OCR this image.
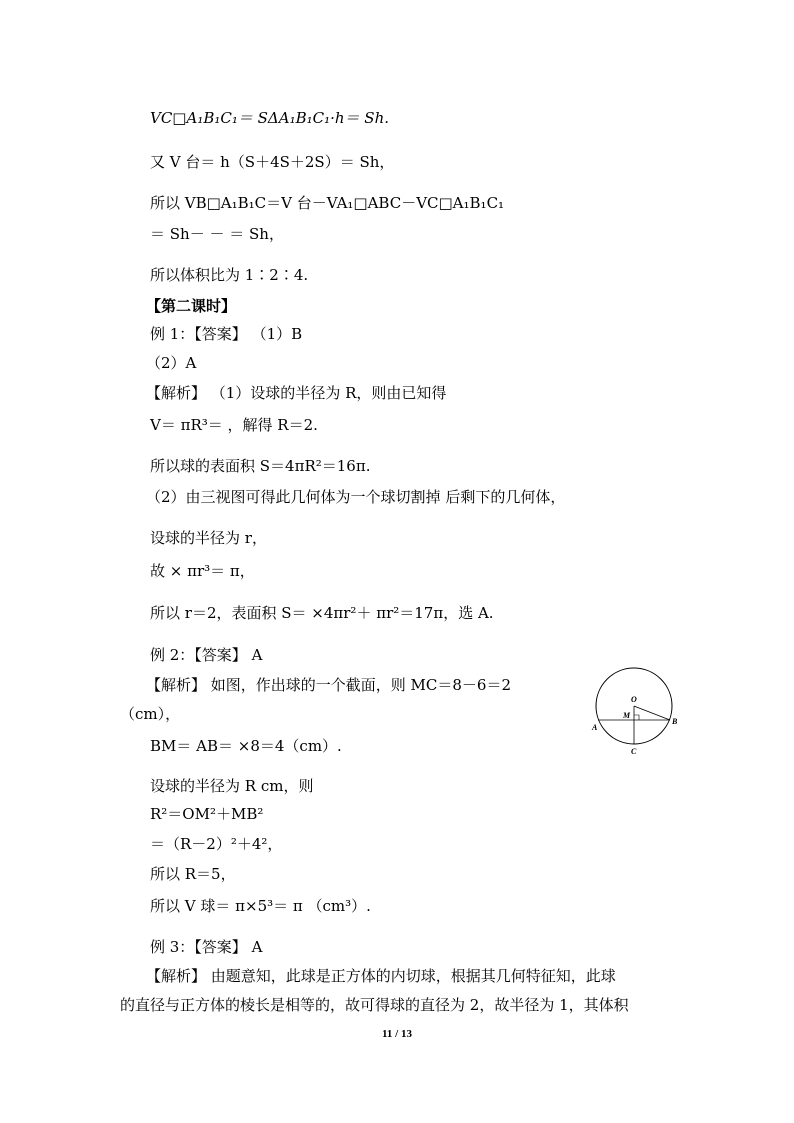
VC□A₁B₁C₁＝ SΔA₁B₁C₁·h＝ Sh.
又 V 台＝ h（S＋4S＋2S）＝ Sh，
所以 VB□A₁B₁C＝V 台－VA₁□ABC－VC□A₁B₁C₁
＝ Sh－ － ＝ Sh，
所以体积比为 1∶2∶4.
【第二课时】
例 1：【答案】 （1）B
（2）A
【解析】 （1）设球的半径为 R，则由已知得
V＝ πR³＝ ，解得 R＝2.
所以球的表面积 S＝4πR²＝16π.
（2）由三视图可得此几何体为一个球切割掉 后剩下的几何体，
设球的半径为 r，
故 × πr³＝ π，
所以 r＝2，表面积 S＝ ×4πr²＋ πr²＝17π，选 A.
例 2：【答案】 A
【解析】 如图，作出球的一个截面，则 MC＝8－6＝2
（cm），
BM＝ AB＝ ×8＝4（cm）.
设球的半径为 R cm，则
R²＝OM²＋MB²
＝（R－2）²＋4²，
所以 R＝5，
所以 V 球＝ π×5³＝ π （cm³）.
例 3：【答案】 A
【解析】 由题意知，此球是正方体的内切球，根据其几何特征知，此球
的直径与正方体的棱长是相等的，故可得球的直径为 2，故半径为 1，其体积
O
M
A
B
C
11 / 13
